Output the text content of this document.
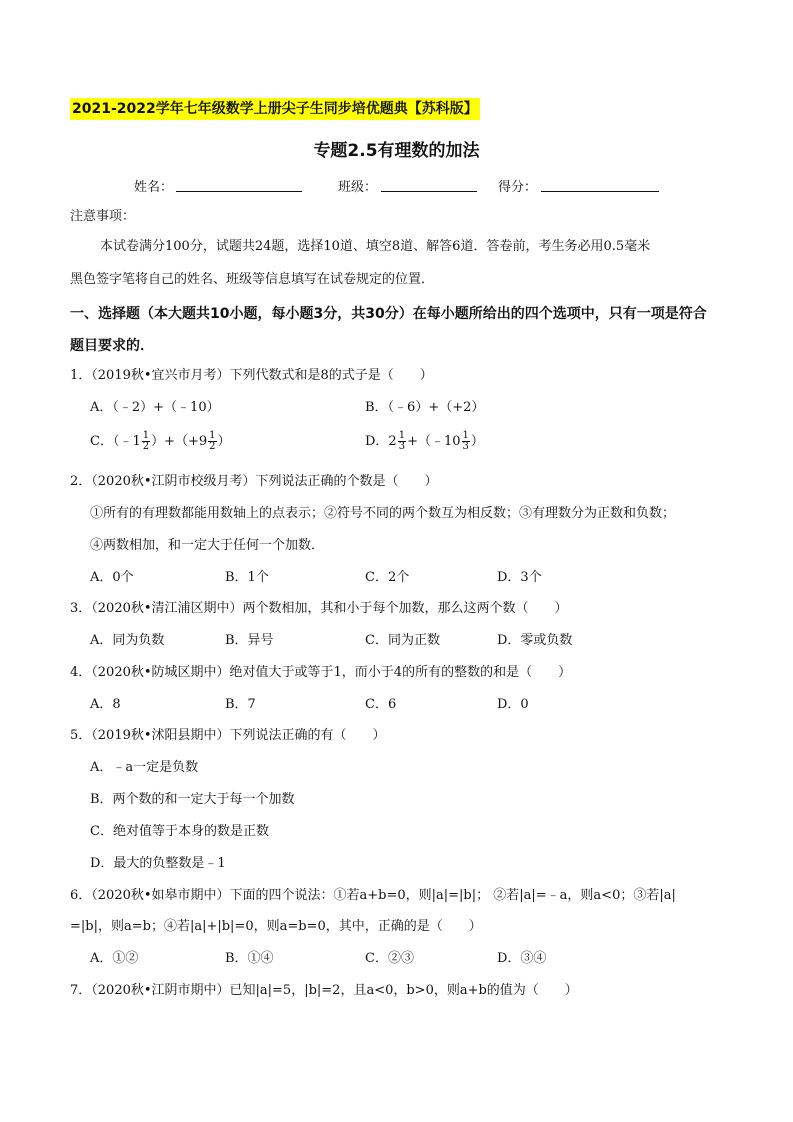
2021-2022学年七年级数学上册尖子生同步培优题典【苏科版】
专题2.5有理数的加法
姓名：	班级：	得分：
注意事项：
本试卷满分100分，试题共24题，选择10道、填空8道、解答6道．答卷前，考生务必用0.5毫米
黑色签字笔将自己的姓名、班级等信息填写在试卷规定的位置．
一、选择题（本大题共10小题，每小题3分，共30分）在每小题所给出的四个选项中，只有一项是符合
题目要求的．
1．（2019秋•宜兴市月考）下列代数式和是8的式子是（　　）
A．（﹣2）+（﹣10）	B．（﹣6）+（+2）
C．（﹣1 $\frac{1}{2} )+(+9 \frac{1}{2}$ ）	D．$2 \frac{1}{3}$ +（﹣10 $\frac{1}{3}$ ）
2．（2020秋•江阴市校级月考）下列说法正确的个数是（　　）
①所有的有理数都能用数轴上的点表示；②符号不同的两个数互为相反数；③有理数分为正数和负数；
④两数相加，和一定大于任何一个加数．
A．0个	B．1个	C．2个	D．3个
3．（2020秋•清江浦区期中）两个数相加，其和小于每个加数，那么这两个数（　　）
A．同为负数	B．异号	C．同为正数	D．零或负数
4．（2020秋•防城区期中）绝对值大于或等于1，而小于4的所有的整数的和是（　　）
A．8	B．7	C．6	D．0
5．（2019秋•沭阳县期中）下列说法正确的有（　　）
A．﹣a一定是负数
B．两个数的和一定大于每一个加数
C．绝对值等于本身的数是正数
D．最大的负整数是﹣1
6．（2020秋•如皋市期中）下面的四个说法：①若a+b=0，则|a|=|b|； ②若|a|=﹣a，则a<0；③若|a|
=|b|，则a=b；④若|a|+|b|=0，则a=b=0，其中，正确的是（　　）
A．①②	B．①④	C．②③	D．③④
7．（2020秋•江阴市期中）已知|a|=5，|b|=2，且a<0，b>0，则a+b的值为（　　）
